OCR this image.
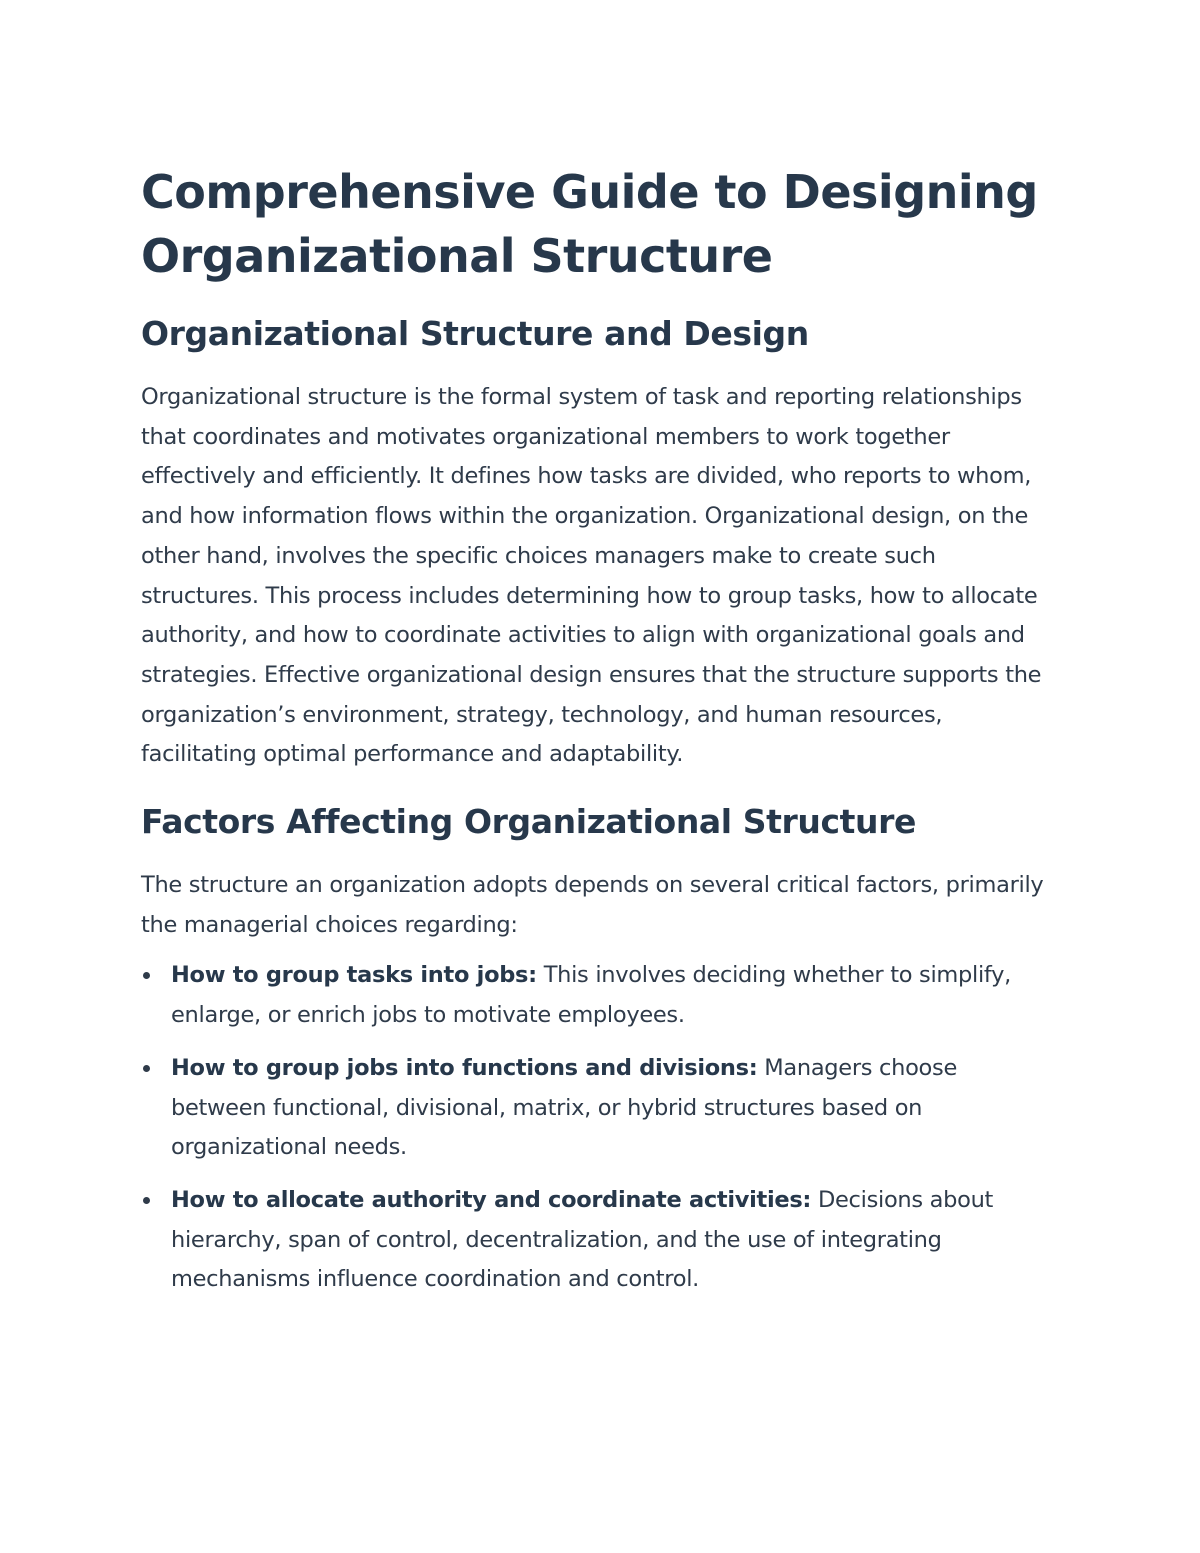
Comprehensive Guide to Designing Organizational Structure
Organizational Structure and Design

Organizational structure is the formal system of task and reporting relationships that coordinates and motivates organizational members to work together effectively and efficiently. It defines how tasks are divided, who reports to whom, and how information flows within the organization. Organizational design, on the other hand, involves the specific choices managers make to create such structures. This process includes determining how to group tasks, how to allocate authority, and how to coordinate activities to align with organizational goals and strategies. Effective organizational design ensures that the structure supports the organization’s environment, strategy, technology, and human resources, facilitating optimal performance and adaptability.

Factors Affecting Organizational Structure

The structure an organization adopts depends on several critical factors, primarily the managerial choices regarding:

How to group tasks into jobs: This involves deciding whether to simplify, enlarge, or enrich jobs to motivate employees.
How to group jobs into functions and divisions: Managers choose between functional, divisional, matrix, or hybrid structures based on organizational needs.
How to allocate authority and coordinate activities: Decisions about hierarchy, span of control, decentralization, and the use of integrating mechanisms influence coordination and control.
